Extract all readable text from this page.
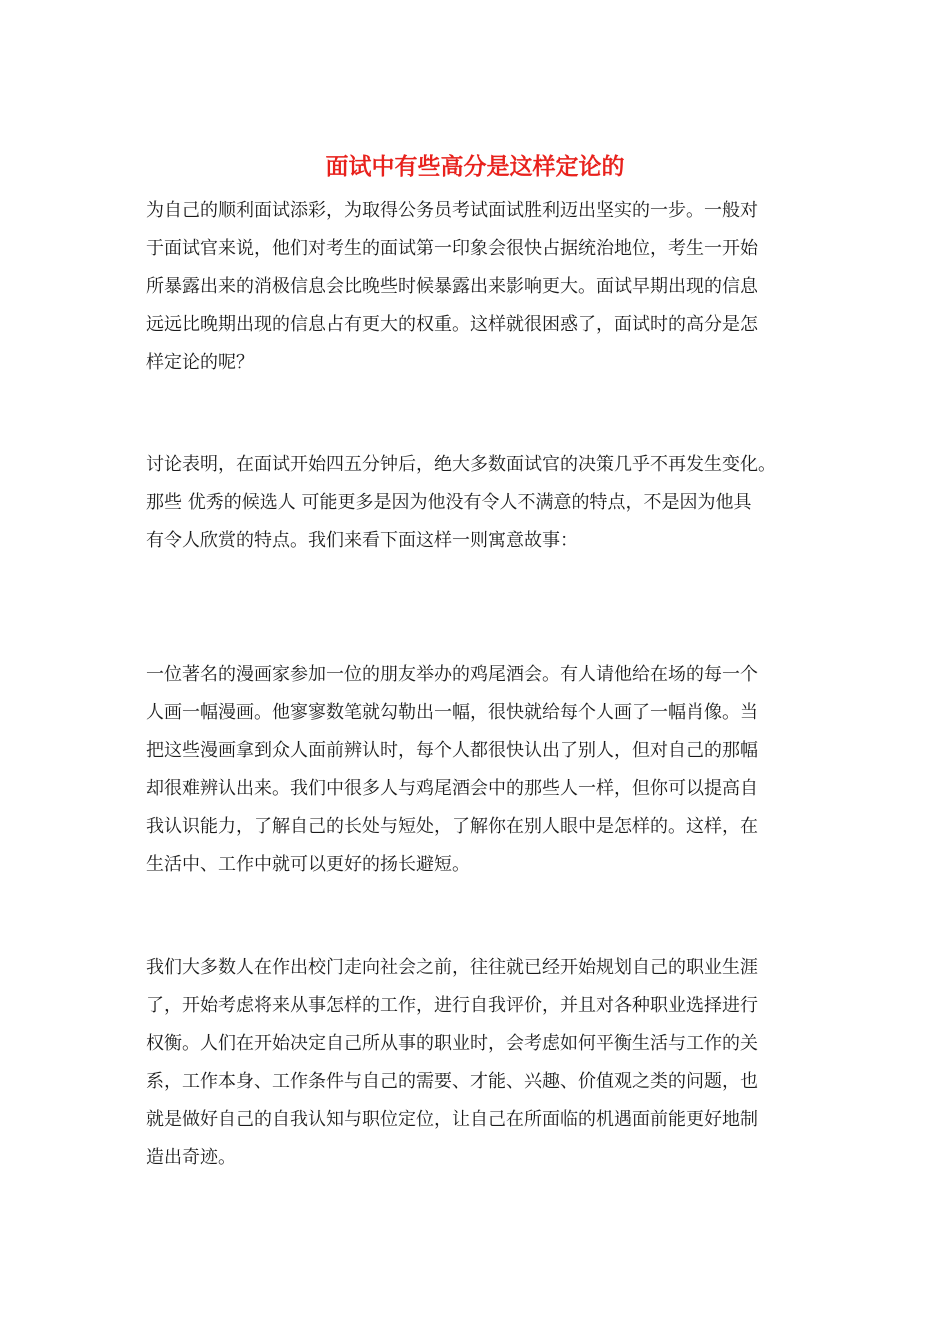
面试中有些高分是这样定论的
为自己的顺利面试添彩，为取得公务员考试面试胜利迈出坚实的一步。一般对
于面试官来说，他们对考生的面试第一印象会很快占据统治地位，考生一开始
所暴露出来的消极信息会比晚些时候暴露出来影响更大。面试早期出现的信息
远远比晚期出现的信息占有更大的权重。这样就很困惑了，面试时的高分是怎
样定论的呢？
讨论表明，在面试开始四五分钟后，绝大多数面试官的决策几乎不再发生变化。
那些 优秀的候选人 可能更多是因为他没有令人不满意的特点，不是因为他具
有令人欣赏的特点。我们来看下面这样一则寓意故事：
一位著名的漫画家参加一位的朋友举办的鸡尾酒会。有人请他给在场的每一个
人画一幅漫画。他寥寥数笔就勾勒出一幅，很快就给每个人画了一幅肖像。当
把这些漫画拿到众人面前辨认时，每个人都很快认出了别人，但对自己的那幅
却很难辨认出来。我们中很多人与鸡尾酒会中的那些人一样，但你可以提高自
我认识能力，了解自己的长处与短处，了解你在别人眼中是怎样的。这样，在
生活中、工作中就可以更好的扬长避短。
我们大多数人在作出校门走向社会之前，往往就已经开始规划自己的职业生涯
了，开始考虑将来从事怎样的工作，进行自我评价，并且对各种职业选择进行
权衡。人们在开始决定自己所从事的职业时，会考虑如何平衡生活与工作的关
系，工作本身、工作条件与自己的需要、才能、兴趣、价值观之类的问题，也
就是做好自己的自我认知与职位定位，让自己在所面临的机遇面前能更好地制
造出奇迹。
